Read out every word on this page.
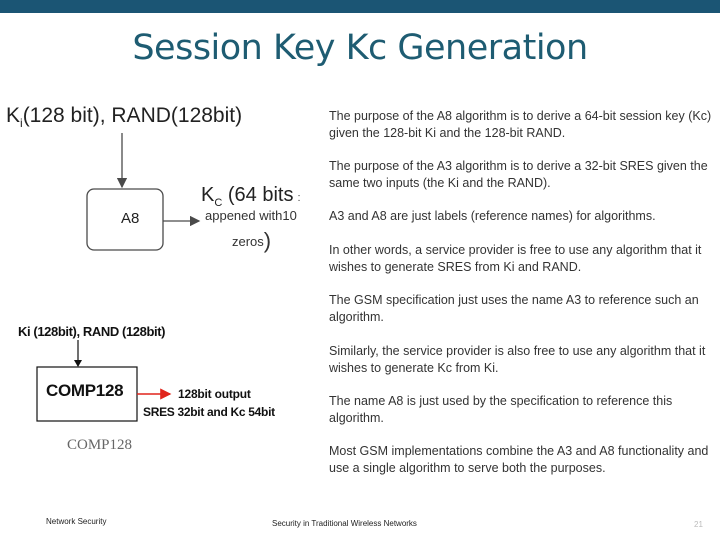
Session Key Kc Generation
$K_i(128$ bit), RAND(128bit)
A8
$K_C$ (64 bits :
appened with10
zeros)
Ki (128bit), RAND (128bit)
COMP128	128bit output
SRES 32bit and Kc 54bit
COMP128

The purpose of the A8 algorithm is to derive a 64-bit session key (Kc) given the 128-bit Ki and the 128-bit RAND.

The purpose of the A3 algorithm is to derive a 32-bit SRES given the same two inputs (the Ki and the RAND).

A3 and A8 are just labels (reference names) for algorithms.

In other words, a service provider is free to use any algorithm that it wishes to generate SRES from Ki and RAND.

The GSM specification just uses the name A3 to reference such an algorithm.

Similarly, the service provider is also free to use any algorithm that it wishes to generate Kc from Ki.

The name A8 is just used by the specification to reference this algorithm.

Most GSM implementations combine the A3 and A8 functionality and use a single algorithm to serve both the purposes.

Network Security	Security in Traditional Wireless Networks	21
